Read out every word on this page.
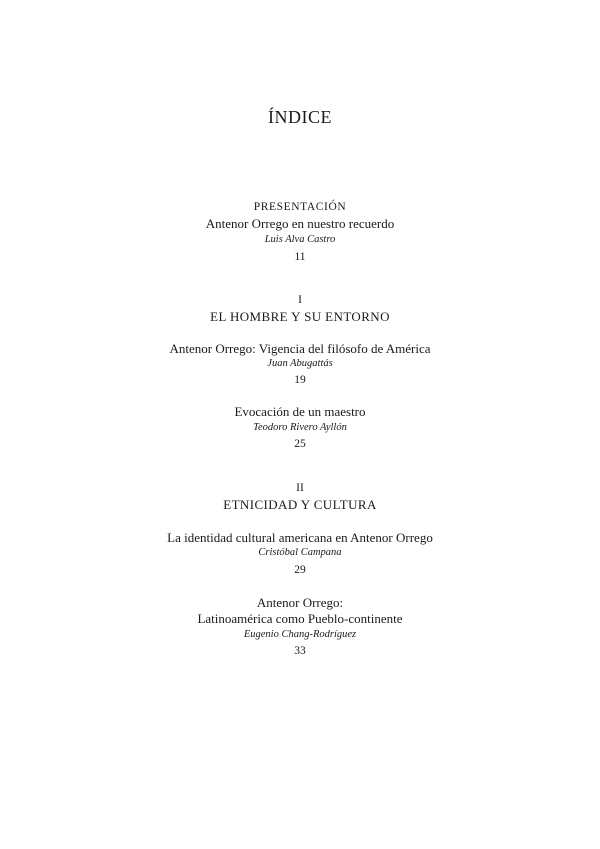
ÍNDICE
PRESENTACIÓN
Antenor Orrego en nuestro recuerdo
Luis Alva Castro
11
I
EL HOMBRE Y SU ENTORNO
Antenor Orrego: Vigencia del filósofo de América
Juan Abugattás
19
Evocación de un maestro
Teodoro Rivero Ayllón
25
II
ETNICIDAD Y CULTURA
La identidad cultural americana en Antenor Orrego
Cristóbal Campana
29
Antenor Orrego:
Latinoamérica como Pueblo-continente
Eugenio Chang-Rodríguez
33
